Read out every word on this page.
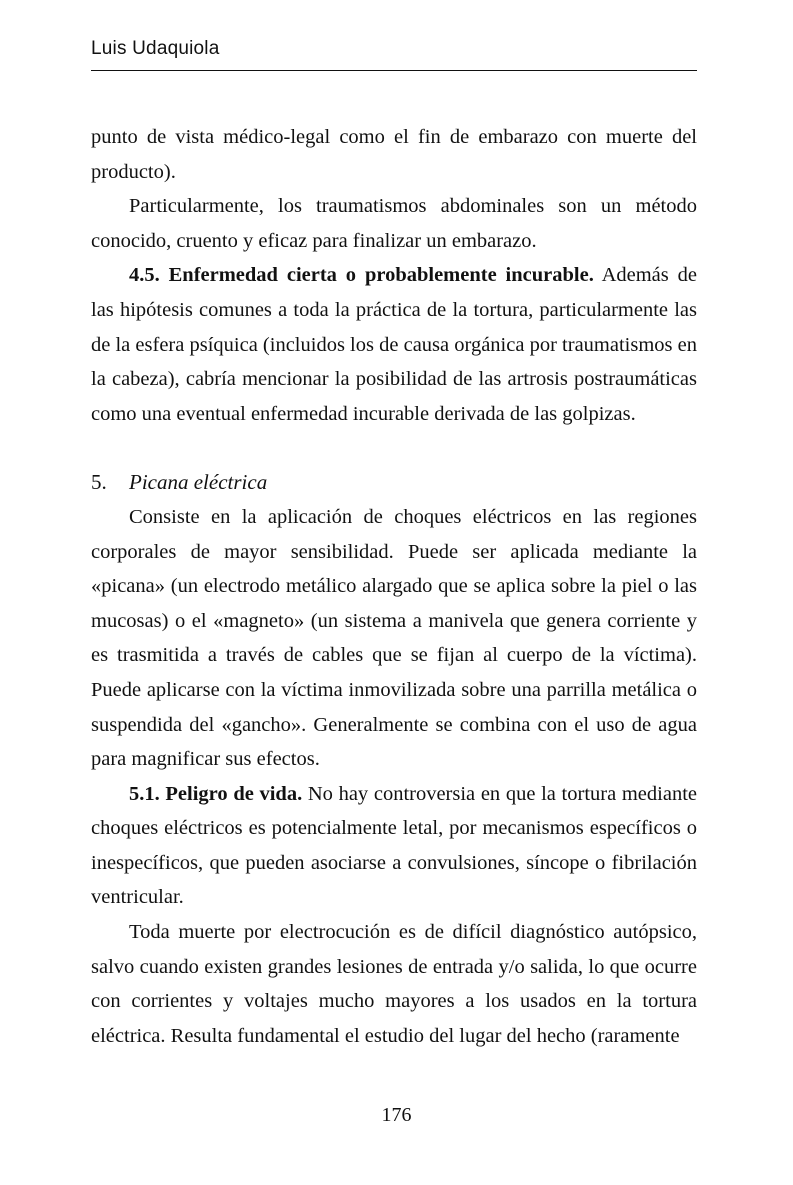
Luis Udaquiola

punto de vista médico-legal como el fin de embarazo con muerte del producto).

Particularmente, los traumatismos abdominales son un método conocido, cruento y eficaz para finalizar un embarazo.

4.5. Enfermedad cierta o probablemente incurable. Además de las hipótesis comunes a toda la práctica de la tortura, particularmente las de la esfera psíquica (incluidos los de causa orgánica por traumatismos en la cabeza), cabría mencionar la posibilidad de las artrosis postraumáticas como una eventual enfermedad incurable derivada de las golpizas.

5. Picana eléctrica

Consiste en la aplicación de choques eléctricos en las regiones corporales de mayor sensibilidad. Puede ser aplicada mediante la «picana» (un electrodo metálico alargado que se aplica sobre la piel o las mucosas) o el «magneto» (un sistema a manivela que genera corriente y es trasmitida a través de cables que se fijan al cuerpo de la víctima). Puede aplicarse con la víctima inmovilizada sobre una parrilla metálica o suspendida del «gancho». Generalmente se combina con el uso de agua para magnificar sus efectos.

5.1. Peligro de vida. No hay controversia en que la tortura mediante choques eléctricos es potencialmente letal, por mecanismos específicos o inespecíficos, que pueden asociarse a convulsiones, síncope o fibrilación ventricular.

Toda muerte por electrocución es de difícil diagnóstico autópsico, salvo cuando existen grandes lesiones de entrada y/o salida, lo que ocurre con corrientes y voltajes mucho mayores a los usados en la tortura eléctrica. Resulta fundamental el estudio del lugar del hecho (raramente

176
